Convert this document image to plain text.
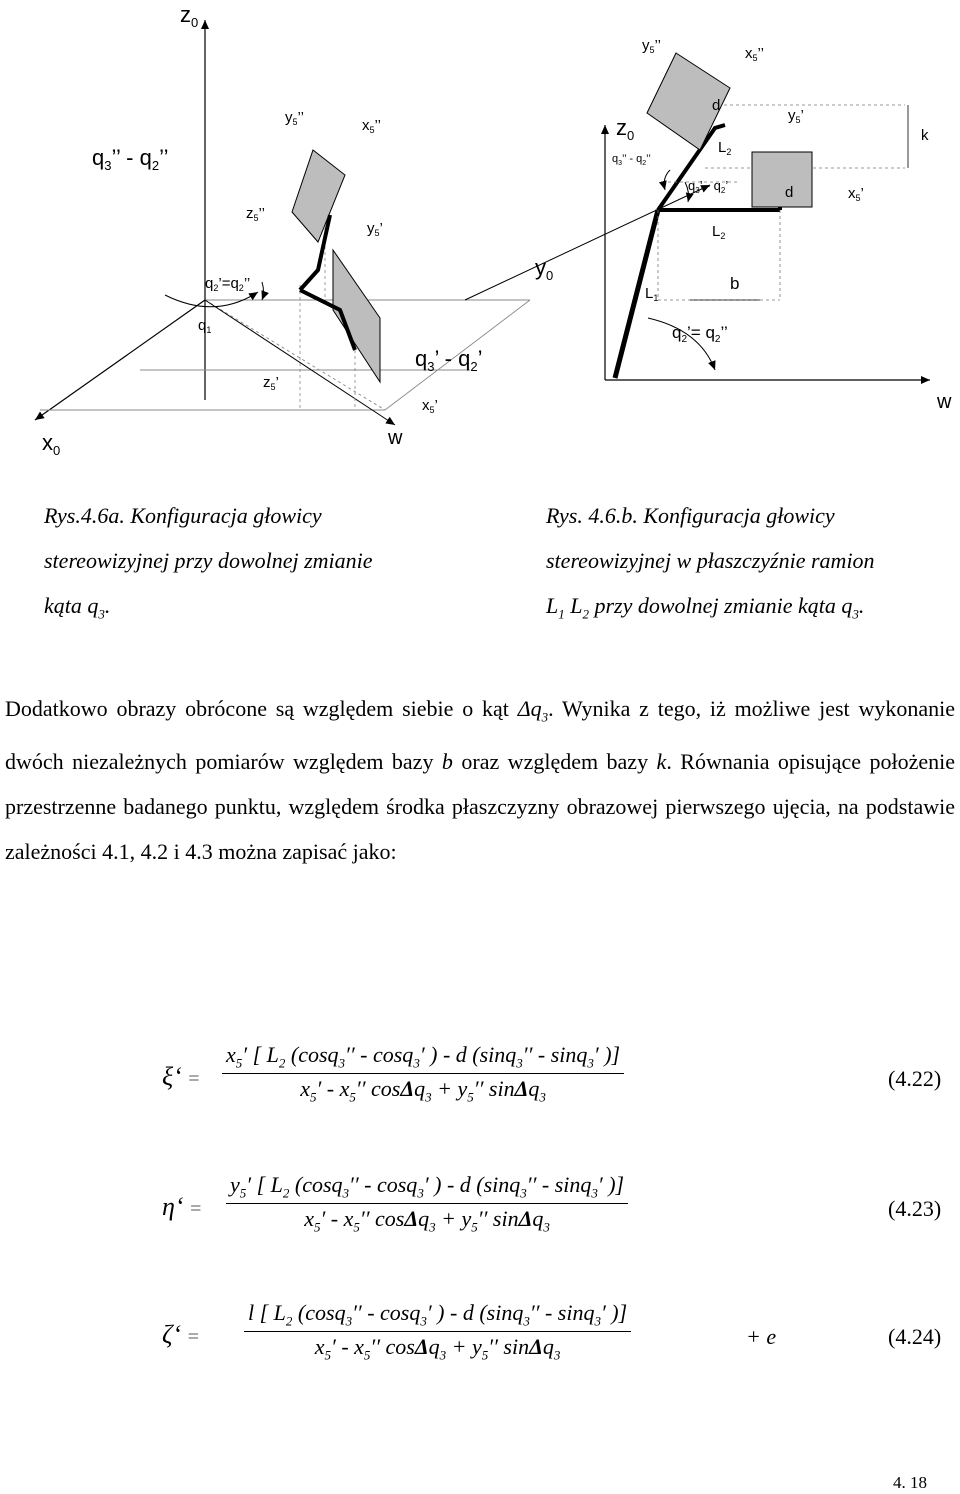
$z_0$
$x_0$
w
$q_3$’’ - $q_2$’’
$y_5$’’	$x_5$’’
$z_5$’’
$y_5$’
$q_2’=q_2$’’
$q_1$
$z_5$’
$q_3$’ - $q_2$’
$x_5$’
$y_5$’’	$x_5$’’
d
$y_5$’
k
$z_0$
$q_3$’’ - $q_2$’’
$L_2$
$q_3$’ - $q_2$’	d	$x_5$’
$L_2$
$y_0$	b
$L_1$
$q_2’= q_2$’’
w
Rys.4.6a. Konfiguracja głowicy
stereowizyjnej przy dowolnej zmianie
kąta $q_3$.
Rys. 4.6.b. Konfiguracja głowicy
stereowizyjnej w płaszczyźnie ramion
$L_1$ $L_2$ przy dowolnej zmianie kąta $q_3$.

Dodatkowo obrazy obrócone są względem siebie o kąt $\Delta q_3$. Wynika z tego, iż możliwe jest wykonanie dwóch niezależnych pomiarów względem bazy b oraz względem bazy k. Równania opisujące położenie przestrzenne badanego punktu, względem środka płaszczyzny obrazowej pierwszego ujęcia, na podstawie zależności 4.1, 4.2 i 4.3 można zapisać jako:

ξ‘ = $\frac{x_5' [ L_2 (\cos q_3'' - \cos q_3' ) - d (\sin q_3'' - \sin q_3' )]}{x_5' - x_5'' \cos\Delta q_3 + y_5'' \sin\Delta q_3}$	(4.22)
η‘ = $\frac{y_5' [ L_2 (\cos q_3'' - \cos q_3' ) - d (\sin q_3'' - \sin q_3' )]}{x_5' - x_5'' \cos\Delta q_3 + y_5'' \sin\Delta q_3}$	(4.23)
ζ‘ = $\frac{l [ L_2 (\cos q_3'' - \cos q_3' ) - d (\sin q_3'' - \sin q_3' )]}{x_5' - x_5'' \cos\Delta q_3 + y_5'' \sin\Delta q_3}$	+ e	(4.24)
4. 18
